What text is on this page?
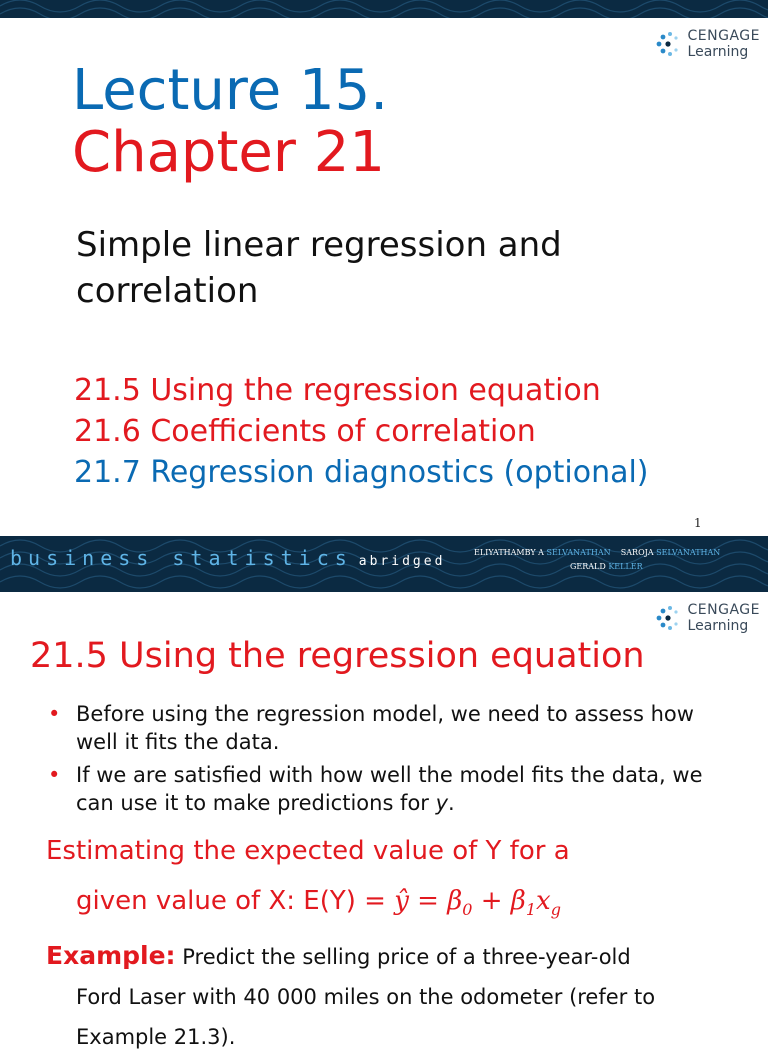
CENGAGE
Learning
Lecture 15.
Chapter 21
Simple linear regression and correlation
21.5 Using the regression equation
21.6 Coefficients of correlation
21.7 Regression diagnostics (optional)
1
business statistics abridged
ELIYATHAMBY A SELVANATHAN SAROJA SELVANATHAN
GERALD KELLER
CENGAGE
Learning
21.5 Using the regression equation
• Before using the regression model, we need to assess how well it fits the data.
• If we are satisfied with how well the model fits the data, we can use it to make predictions for y.
Estimating the expected value of Y for a
given value of X: E(Y) = ŷ = $\beta_0 + \beta_1x_g$
Example: Predict the selling price of a three-year-old
Ford Laser with 40 000 miles on the odometer (refer to
Example 21.3).
